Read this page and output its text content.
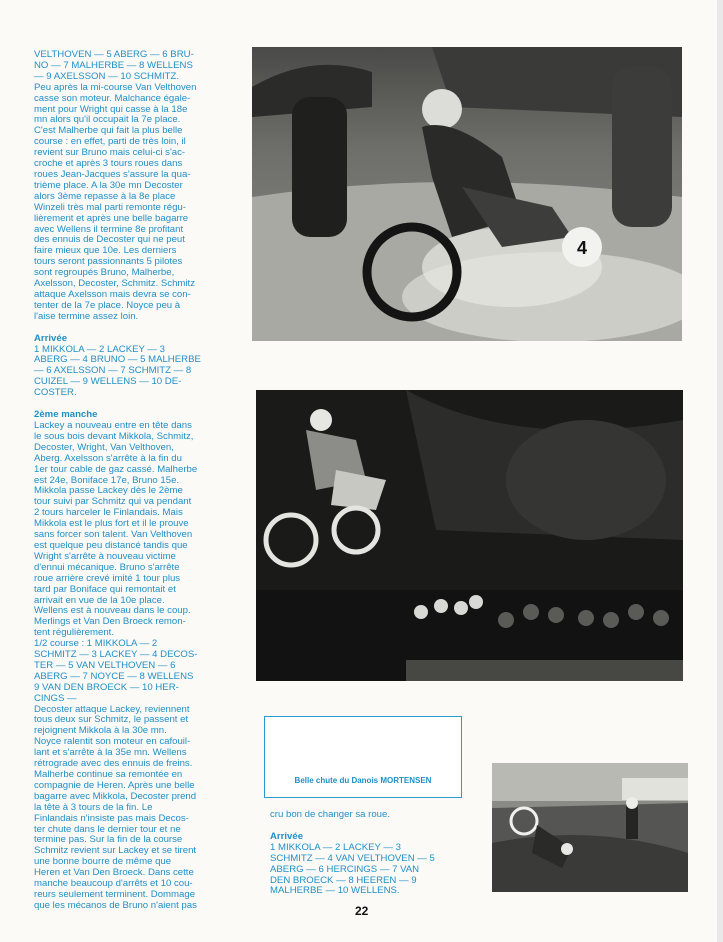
VELTHOVEN — 5 ABERG — 6 BRU-
NO — 7 MALHERBE — 8 WELLENS
— 9 AXELSSON — 10 SCHMITZ.

Peu après la mi-course Van Velthoven
casse son moteur. Malchance égale-
ment pour Wright qui casse à la 18e
mn alors qu'il occupait la 7e place.
C'est Malherbe qui fait la plus belle
course : en effet, parti de très loin, il
revient sur Bruno mais celui-ci s'ac-
croche et après 3 tours roues dans
roues Jean-Jacques s'assure la qua-
trième place. A la 30e mn Decoster
alors 3ème repasse à la 8e place
Winzeli très mal parti remonte régu-
lièrement et après une belle bagarre
avec Wellens il termine 8e profitant
des ennuis de Decoster qui ne peut
faire mieux que 10e. Les derniers
tours seront passionnants 5 pilotes
sont regroupés Bruno, Malherbe,
Axelsson, Decoster, Schmitz. Schmitz
attaque Axelsson mais devra se con-
tenter de la 7e place. Noyce peu à
l'aise termine assez loin.

Arrivée

1 MIKKOLA — 2 LACKEY — 3
ABERG — 4 BRUNO — 5 MALHERBE
— 6 AXELSSON — 7 SCHMITZ — 8
CUIZEL — 9 WELLENS — 10 DE-
COSTER.

2ème manche

Lackey a nouveau entre en tête dans
le sous bois devant Mikkola, Schmitz,
Decoster, Wright, Van Velthoven,
Aberg. Axelsson s'arrête à la fin du
1er tour cable de gaz cassé. Malherbe
est 24e, Boniface 17e, Bruno 15e.
Mikkola passe Lackey dès le 2ème
tour suivi par Schmitz qui va pendant
2 tours harceler le Finlandais. Mais
Mikkola est le plus fort et il le prouve
sans forcer son talent. Van Velthoven
est quelque peu distancé tandis que
Wright s'arrête à nouveau victime
d'ennui mécanique. Bruno s'arrête
roue arrière crevé imité 1 tour plus
tard par Boniface qui remontait et
arrivait en vue de la 10e place.
Wellens est à nouveau dans le coup.
Merlings et Van Den Broeck remon-
tent régulièrement.

1/2 course : 1 MIKKOLA — 2
SCHMITZ — 3 LACKEY — 4 DECOS-
TER — 5 VAN VELTHOVEN — 6
ABERG — 7 NOYCE — 8 WELLENS
9 VAN DEN BROECK — 10 HER-
CINGS —

Decoster attaque Lackey, reviennent
tous deux sur Schmitz, le passent et
rejoignent Mikkola à la 30e mn.
Noyce ralentit son moteur en cafouil-
lant et s'arrête à la 35e mn. Wellens
rétrograde avec des ennuis de freins.
Malherbe continue sa remontée en
compagnie de Heren. Après une belle
bagarre avec Mikkola, Decoster prend
la tête à 3 tours de la fin. Le
Finlandais n'insiste pas mais Decos-
ter chute dans le dernier tour et ne
termine pas. Sur la fin de la course
Schmitz revient sur Lackey et se tirent
une bonne bourre de même que
Heren et Van Den Broeck. Dans cette
manche beaucoup d'arrêts et 10 cou-
reurs seulement terminent. Dommage
que les mécanos de Bruno n'aient pas

4
Belle chute du Danois MORTENSEN

cru bon de changer sa roue.

Arrivée

1 MIKKOLA — 2 LACKEY — 3
SCHMITZ — 4 VAN VELTHOVEN — 5
ABERG — 6 HERCINGS — 7 VAN
DEN BROECK — 8 HEEREN — 9
MALHERBE — 10 WELLENS.

22
